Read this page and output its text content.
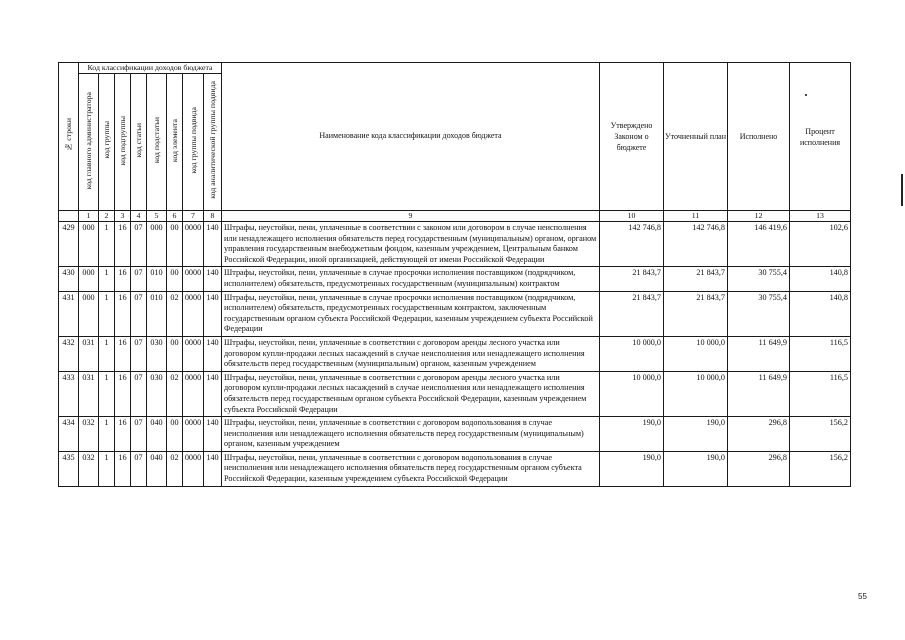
№ строки	Код классификации доходов бюджета								Наименование кода классификации доходов бюджета	Утверждено Законом о бюджете	Уточненный план	Исполнено	Процент исполнения
	код главного администратора	код группы	код подгруппы	код статьи	код подстатьи	код элемента	код группы подвида	код аналитической группы подвида					
	1	2	3	4	5	6	7	8	9	10	11	12	13
429	000	1	16	07	000	00	0000	140	Штрафы, неустойки, пени, уплаченные в соответствии с законом или договором в случае неисполнения или ненадлежащего исполнения обязательств перед государственным (муниципальным) органом, органом управления государственным внебюджетным фондом, казенным учреждением, Центральным банком Российской Федерации, иной организацией, действующей от имени Российской Федерации	142 746,8	142 746,8	146 419,6	102,6
430	000	1	16	07	010	00	0000	140	Штрафы, неустойки, пени, уплаченные в случае просрочки исполнения поставщиком (подрядчиком, исполнителем) обязательств, предусмотренных государственным (муниципальным) контрактом	21 843,7	21 843,7	30 755,4	140,8
431	000	1	16	07	010	02	0000	140	Штрафы, неустойки, пени, уплаченные в случае просрочки исполнения поставщиком (подрядчиком, исполнителем) обязательств, предусмотренных государственным контрактом, заключенным государственным органом субъекта Российской Федерации, казенным учреждением субъекта Российской Федерации	21 843,7	21 843,7	30 755,4	140,8
432	031	1	16	07	030	00	0000	140	Штрафы, неустойки, пени, уплаченные в соответствии с договором аренды лесного участка или договором купли-продажи лесных насаждений в случае неисполнения или ненадлежащего исполнения обязательств перед государственным (муниципальным) органом, казенным учреждением	10 000,0	10 000,0	11 649,9	116,5
433	031	1	16	07	030	02	0000	140	Штрафы, неустойки, пени, уплаченные в соответствии с договором аренды лесного участка или договором купли-продажи лесных насаждений в случае неисполнения или ненадлежащего исполнения обязательств перед государственным органом субъекта Российской Федерации, казенным учреждением субъекта Российской Федерации	10 000,0	10 000,0	11 649,9	116,5
434	032	1	16	07	040	00	0000	140	Штрафы, неустойки, пени, уплаченные в соответствии с договором водопользования в случае неисполнения или ненадлежащего исполнения обязательств перед государственным (муниципальным) органом, казенным учреждением	190,0	190,0	296,8	156,2
435	032	1	16	07	040	02	0000	140	Штрафы, неустойки, пени, уплаченные в соответствии с договором водопользования в случае неисполнения или ненадлежащего исполнения обязательств перед государственным органом субъекта Российской Федерации, казенным учреждением субъекта Российской Федерации	190,0	190,0	296,8	156,2
55
